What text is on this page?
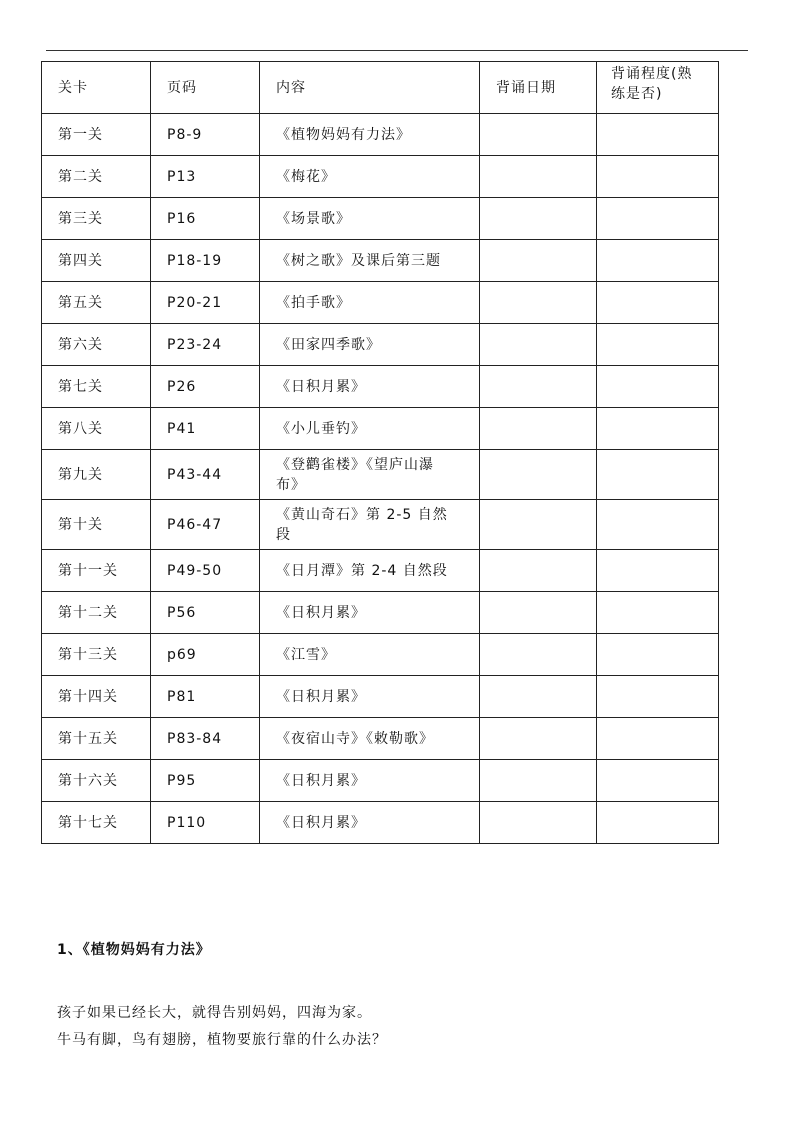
关卡	页码	内容	背诵日期	背诵程度(熟
练是否)

第一关	P8-9	《植物妈妈有力法》		
第二关	P13	《梅花》		
第三关	P16	《场景歌》		
第四关	P18-19	《树之歌》及课后第三题		
第五关	P20-21	《拍手歌》		
第六关	P23-24	《田家四季歌》		
第七关	P26	《日积月累》		
第八关	P41	《小儿垂钓》		
第九关	P43-44	《登鹳雀楼》《望庐山瀑
布》		

第十关	P46-47	《黄山奇石》第 2-5 自然
段		

第十一关	P49-50	《日月潭》第 2-4 自然段		
第十二关	P56	《日积月累》		
第十三关	p69	《江雪》		
第十四关	P81	《日积月累》		
第十五关	P83-84	《夜宿山寺》《敕勒歌》		
第十六关	P95	《日积月累》		
第十七关	P110	《日积月累》		
1、《植物妈妈有力法》
孩子如果已经长大，就得告别妈妈，四海为家。
牛马有脚，鸟有翅膀，植物要旅行靠的什么办法？
